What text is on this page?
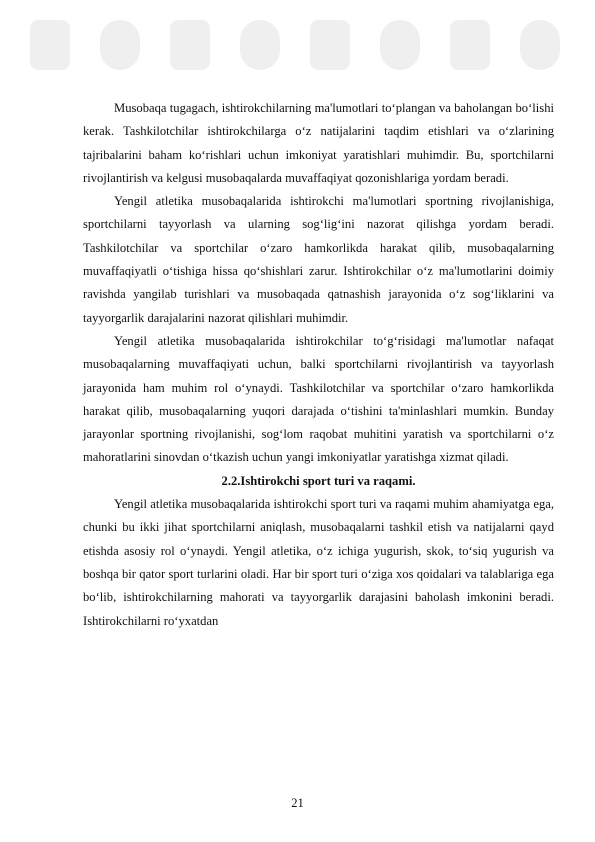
Musobaqa tugagach, ishtirokchilarning ma'lumotlari to‘plangan va baholangan bo‘lishi kerak. Tashkilotchilar ishtirokchilarga o‘z natijalarini taqdim etishlari va o‘zlarining tajribalarini baham ko‘rishlari uchun imkoniyat yaratishlari muhimdir. Bu, sportchilarni rivojlantirish va kelgusi musobaqalarda muvaffaqiyat qozonishlariga yordam beradi.

Yengil atletika musobaqalarida ishtirokchi ma'lumotlari sportning rivojlanishiga, sportchilarni tayyorlash va ularning sog‘lig‘ini nazorat qilishga yordam beradi. Tashkilotchilar va sportchilar o‘zaro hamkorlikda harakat qilib, musobaqalarning muvaffaqiyatli o‘tishiga hissa qo‘shishlari zarur. Ishtirokchilar o‘z ma'lumotlarini doimiy ravishda yangilab turishlari va musobaqada qatnashish jarayonida o‘z sog‘liklarini va tayyorgarlik darajalarini nazorat qilishlari muhimdir.

Yengil atletika musobaqalarida ishtirokchilar to‘g‘risidagi ma'lumotlar nafaqat musobaqalarning muvaffaqiyati uchun, balki sportchilarni rivojlantirish va tayyorlash jarayonida ham muhim rol o‘ynaydi. Tashkilotchilar va sportchilar o‘zaro hamkorlikda harakat qilib, musobaqalarning yuqori darajada o‘tishini ta'minlashlari mumkin. Bunday jarayonlar sportning rivojlanishi, sog‘lom raqobat muhitini yaratish va sportchilarni o‘z mahoratlarini sinovdan o‘tkazish uchun yangi imkoniyatlar yaratishga xizmat qiladi.

2.2.Ishtirokchi sport turi va raqami.

Yengil atletika musobaqalarida ishtirokchi sport turi va raqami muhim ahamiyatga ega, chunki bu ikki jihat sportchilarni aniqlash, musobaqalarni tashkil etish va natijalarni qayd etishda asosiy rol o‘ynaydi. Yengil atletika, o‘z ichiga yugurish, skok, to‘siq yugurish va boshqa bir qator sport turlarini oladi. Har bir sport turi o‘ziga xos qoidalari va talablariga ega bo‘lib, ishtirokchilarning mahorati va tayyorgarlik darajasini baholash imkonini beradi. Ishtirokchilarni ro‘yxatdan

21
